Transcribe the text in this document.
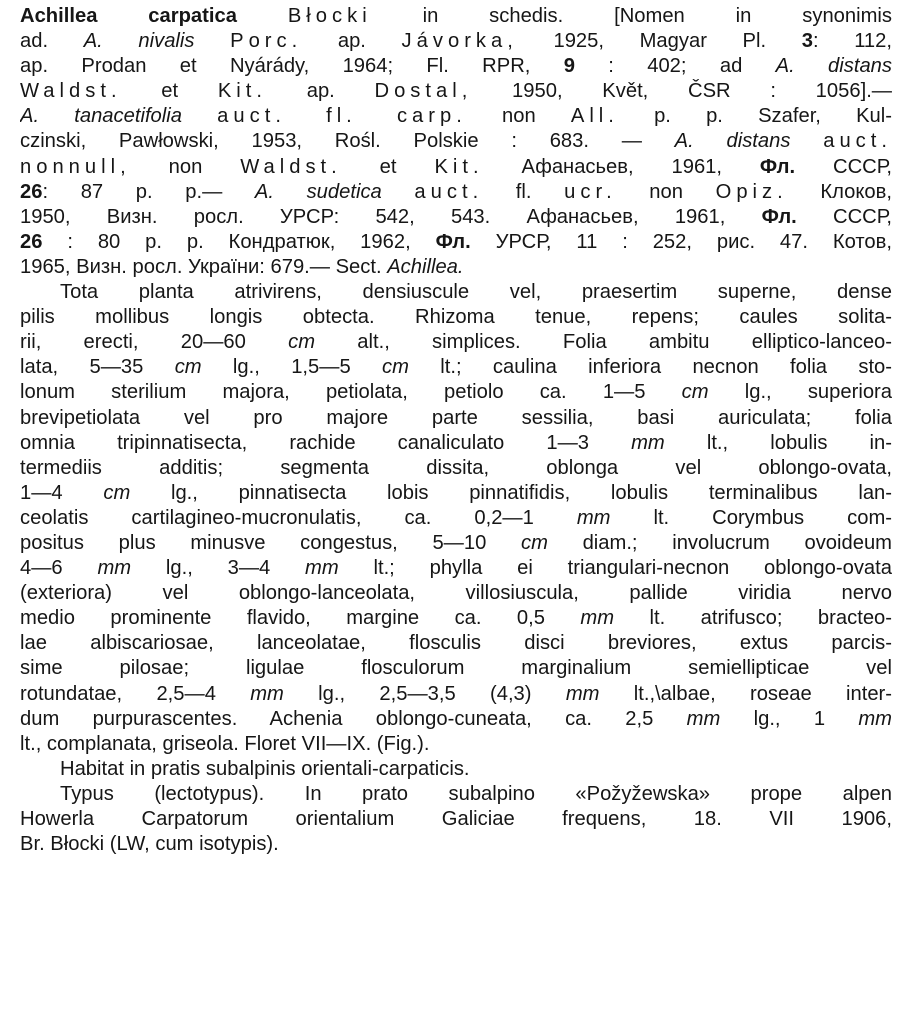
Achillea carpatica	Błocki in schedis. [Nomen in synonimis
ad. A. nivalis Porc. ap. Jávorka, 1925, Magyar Pl. 3: 112,
ap. Prodan et Nyárády, 1964; Fl. RPR, 9 : 402; ad A. distans
Waldst. et Kit. ap. Dostal, 1950, Květ, ČSR : 1056].—
A. tanacetifolia auct. fl. carp. non All. p. p. Szafer, Kul-
czinski, Pawłowski, 1953, Rośl. Polskie : 683. — A. distans auct.
nonnull, non Waldst. et Kit. Афанасьев, 1961, Фл. СССР,
26: 87 p. p.— A. sudetica auct. fl. ucr. non Opiz. Клоков,
1950, Визн. росл. УРСР: 542, 543. Афанасьев, 1961, Фл. СССР,
26 : 80 p. p. Кондратюк, 1962, Фл. УРСР, 11 : 252, рис. 47. Котов,
1965, Визн. росл. України: 679.— Sect. Achillea.
Tota planta atrivirens, densiuscule vel, praesertim superne, dense
pilis mollibus longis obtecta. Rhizoma tenue, repens; caules solita-
rii, erecti, 20—60 cm alt., simplices. Folia ambitu elliptico-lanceo-
lata, 5—35 cm lg., 1,5—5 cm lt.; caulina inferiora necnon folia sto-
lonum sterilium majora, petiolata, petiolo ca. 1—5 cm lg., superiora
brevipetiolata vel pro majore parte sessilia, basi auriculata; folia
omnia tripinnatisecta, rachide canaliculato 1—3 mm lt., lobulis in-
termediis additis; segmenta dissita, oblonga vel oblongo-ovata,
1—4 cm lg., pinnatisecta lobis pinnatifidis, lobulis terminalibus lan-
ceolatis cartilagineo-mucronulatis, ca. 0,2—1 mm lt. Corymbus com-
positus plus minusve congestus, 5—10 cm diam.; involucrum ovoideum
4—6 mm lg., 3—4 mm lt.; phylla ei triangulari-necnon oblongo-ovata
(exteriora) vel oblongo-lanceolata, villosiuscula, pallide viridia nervo
medio prominente flavido, margine ca. 0,5 mm lt. atrifusco; bracteo-
lae albiscariosae, lanceolatae, flosculis disci breviores, extus parcis-
sime pilosae; ligulae flosculorum marginalium semiellipticae vel
rotundatae, 2,5—4 mm lg., 2,5—3,5 (4,3) mm lt.,\albae, roseae inter-
dum purpurascentes. Achenia oblongo-cuneata, ca. 2,5 mm lg., 1 mm
lt., complanata, griseola. Floret VII—IX. (Fig.).
Habitat in pratis subalpinis orientali-carpaticis.
Typus (lectotypus). In prato subalpino «Požyžewska» prope alpen
Howerla Carpatorum orientalium Galiciae frequens, 18. VII 1906,
Br. Błocki (LW, cum isotypis).
